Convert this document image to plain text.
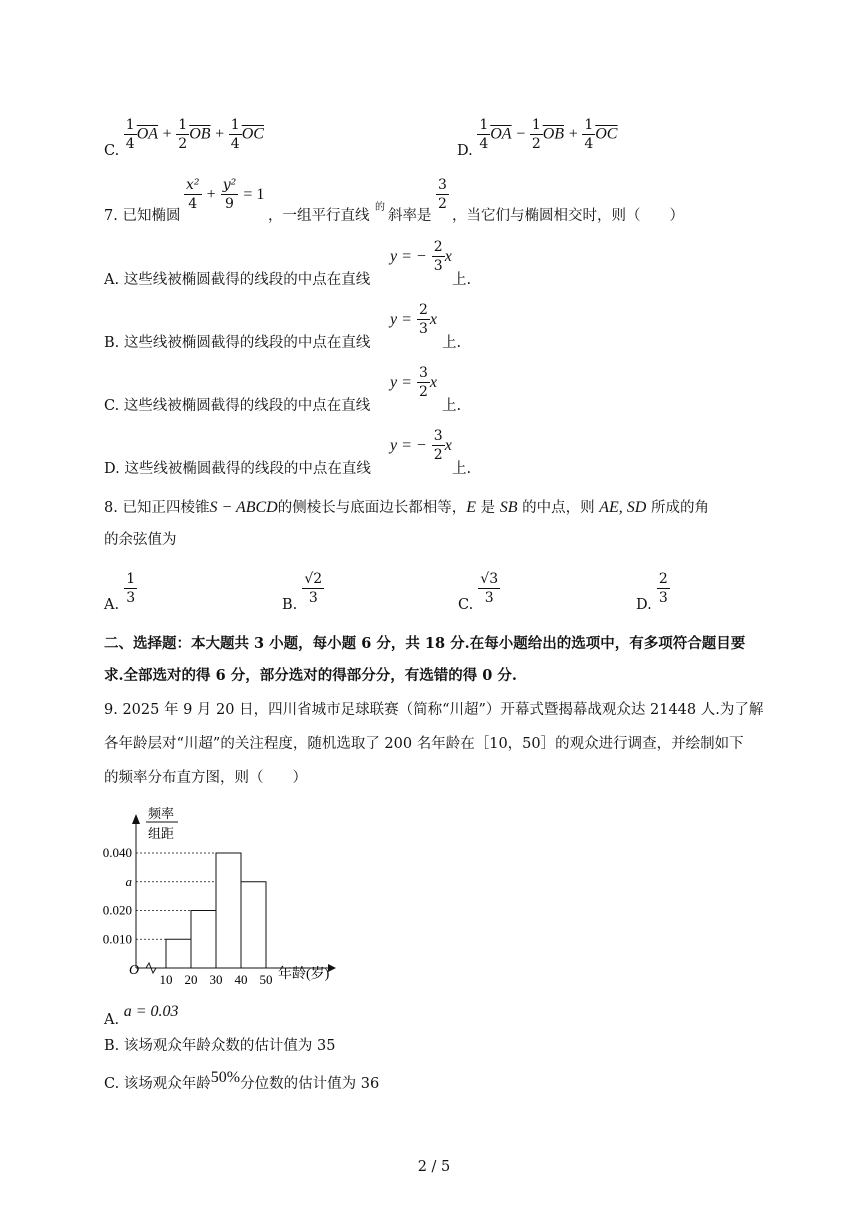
C. $\frac{1}{4} \overline{OA} + \frac{1}{2} \overline{OB} + \frac{1}{4} \overline{OC}$
D. $\frac{1}{4} \overline{OA} - \frac{1}{2} \overline{OB} + \frac{1}{4} \overline{OC}$
7. 已知椭圆
$\frac{\text{x²}}{4} + \frac{\text{y²}}{9} = 1$
，一组平行直线
的
斜率是
$\frac{3}{2}$
，当它们与椭圆相交时，则（　　）
y = − $\frac{2}{3}$ x
A. 这些线被椭圆截得的线段的中点在直线	上.
$y = \frac{2}{3}$ x
B. 这些线被椭圆截得的线段的中点在直线	上.
$y = \frac{3}{2}$ x
C. 这些线被椭圆截得的线段的中点在直线	上.
y = − $\frac{3}{2}$ x
D. 这些线被椭圆截得的线段的中点在直线	上.
8. 已知正四棱锥S − ABCD的侧棱长与底面边长都相等，E 是 SB 的中点，则 AE, SD 所成的角
的余弦值为
A. $\frac{1}{3}$	B. $\frac{√2}{3}$	C. $\frac{√3}{3}$	D. $\frac{2}{3}$
二、选择题：本大题共 3 小题，每小题 6 分，共 18 分.在每小题给出的选项中，有多项符合题目要
求.全部选对的得 6 分，部分选对的得部分分，有选错的得 0 分.
9. 2025 年 9 月 20 日，四川省城市足球联赛（简称“川超”）开幕式暨揭幕战观众达 21448 人.为了解
各年龄层对“川超”的关注程度，随机选取了 200 名年龄在［10，50］的观众进行调查，并绘制如下
的频率分布直方图，则（　　）
频率
组距
0.010
0.020
a
0.040
10 20 30 40 50
O	年龄(岁)
A. a = 0.03
B. 该场观众年龄众数的估计值为 35
C. 该场观众年龄50%分位数的估计值为 36
2 / 5
